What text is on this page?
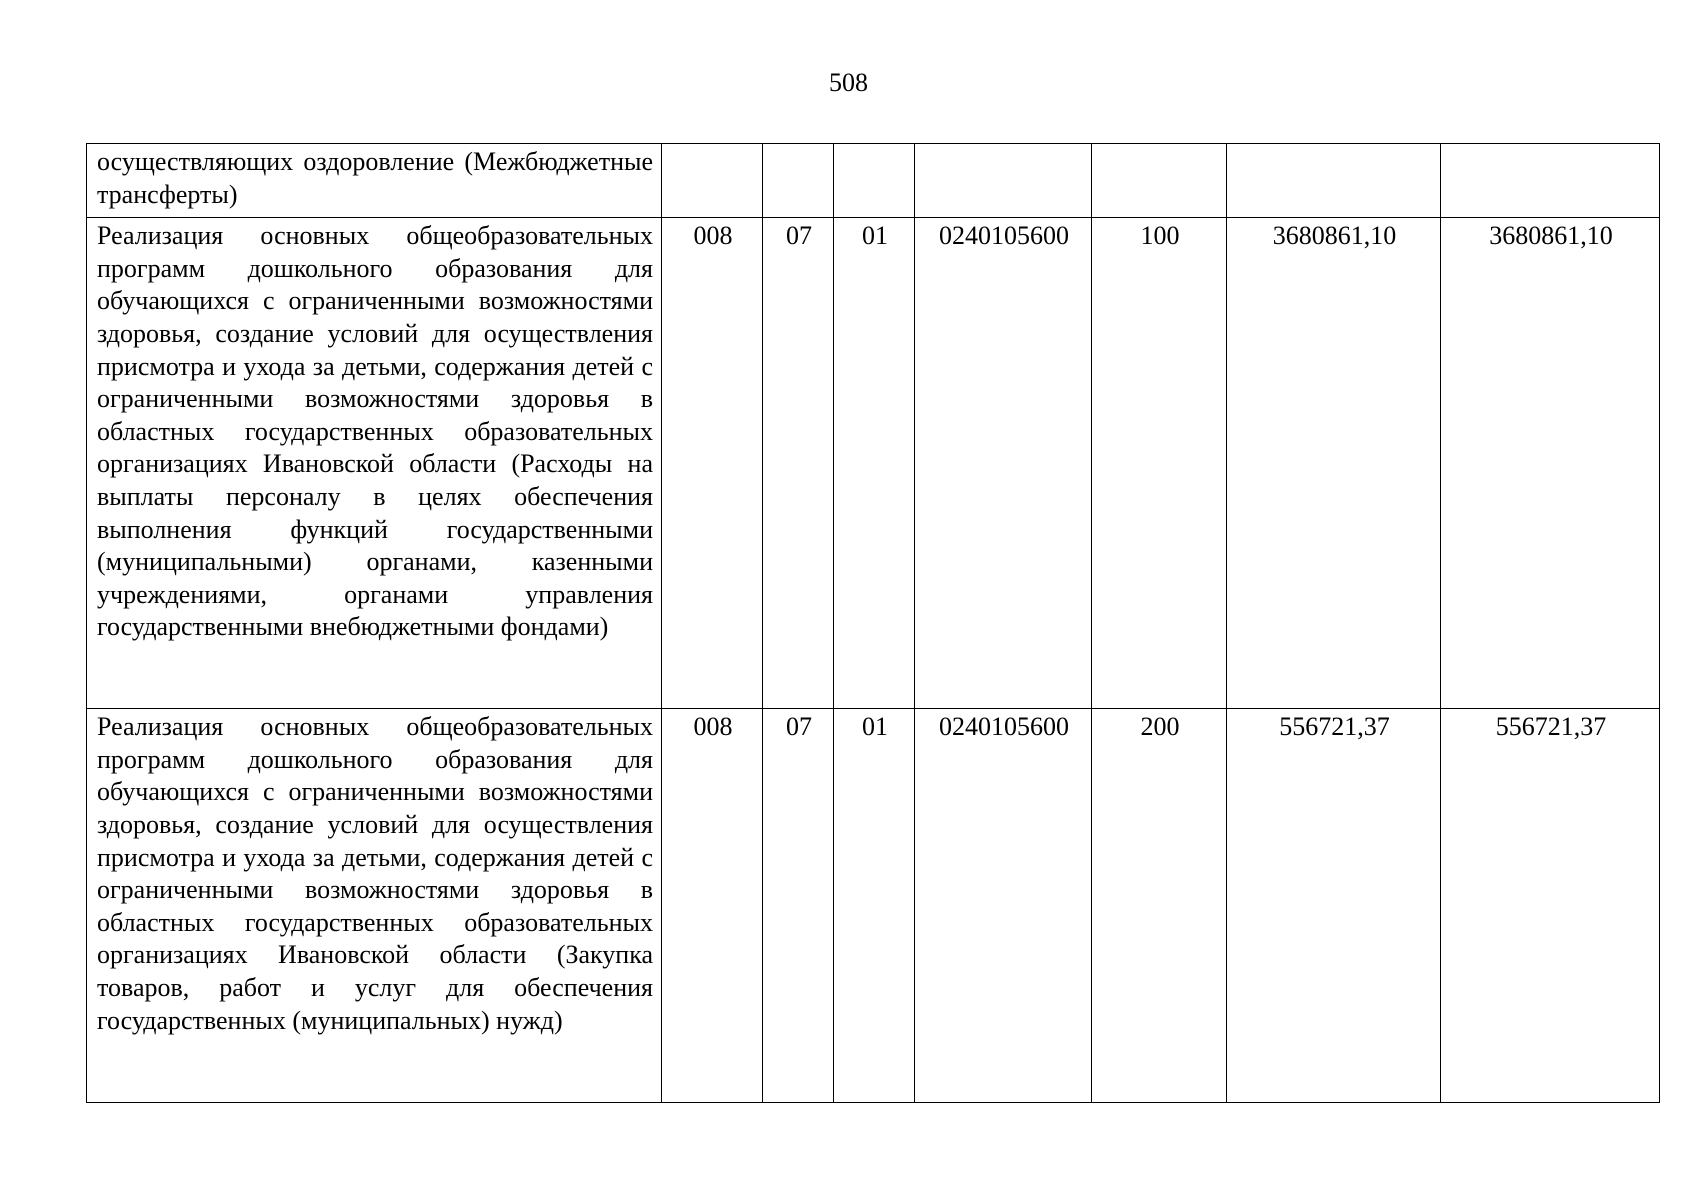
508
осуществляющих оздоровление (Межбюджетные трансферты)							
Реализация основных общеобразовательных программ дошкольного образования для обучающихся с ограниченными возможностями здоровья, создание условий для осуществления присмотра и ухода за детьми, содержания детей с ограниченными возможностями здоровья в областных государственных образовательных организациях Ивановской области (Расходы на выплаты персоналу в целях обеспечения выполнения функций государственными (муниципальными) органами, казенными учреждениями, органами управления государственными внебюджетными фондами)	008	07	01	0240105600	100	3680861,10	3680861,10
Реализация основных общеобразовательных программ дошкольного образования для обучающихся с ограниченными возможностями здоровья, создание условий для осуществления присмотра и ухода за детьми, содержания детей с ограниченными возможностями здоровья в областных государственных образовательных организациях Ивановской области (Закупка товаров, работ и услуг для обеспечения государственных (муниципальных) нужд)	008	07	01	0240105600	200	556721,37	556721,37
